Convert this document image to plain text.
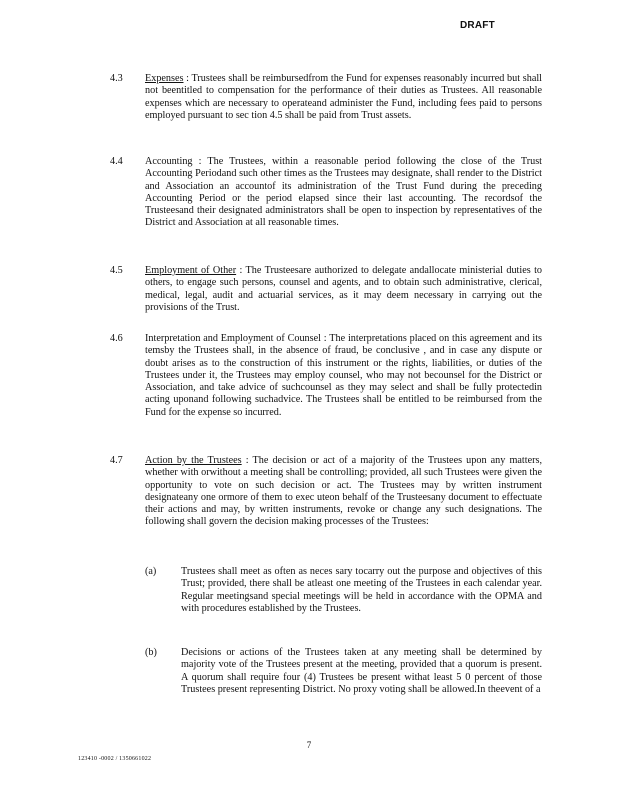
DRAFT
4.3	Expenses : Trustees shall be reimbursedfrom the Fund for expenses reasonably incurred but shall not beentitled to compensation for the performance of their duties as Trustees. All reasonable expenses which are necessary to operateand administer the Fund, including fees paid to persons employed pursuant to sec tion 4.5 shall be paid from Trust assets.
4.4	Accounting : The Trustees, within a reasonable period following the close of the Trust Accounting Periodand such other times as the Trustees may designate, shall render to the District and Association an accountof its administration of the Trust Fund during the preceding Accounting Period or the period elapsed since their last accounting. The recordsof the Trusteesand their designated administrators shall be open to inspection by representatives of the District and Association at all reasonable times.
4.5	Employment of Other : The Trusteesare authorized to delegate andallocate ministerial duties to others, to engage such persons, counsel and agents, and to obtain such administrative, clerical, medical, legal, audit and actuarial services, as it may deem necessary in carrying out the provisions of the Trust.
4.6	Interpretation and Employment of Counsel : The interpretations placed on this agreement and its temsby the Trustees shall, in the absence of fraud, be conclusive , and in case any dispute or doubt arises as to the construction of this instrument or the rights, liabilities, or duties of the Trustees under it, the Trustees may employ counsel, who may not becounsel for the District or Association, and take advice of suchcounsel as they may select and shall be fully protectedin acting uponand following suchadvice. The Trustees shall be entitled to be reimbursed from the Fund for the expense so incurred.
4.7	Action by the Trustees : The decision or act of a majority of the Trustees upon any matters, whether with orwithout a meeting shall be controlling; provided, all such Trustees were given the opportunity to vote on such decision or act. The Trustees may by written instrument designateany one ormore of them to exec uteon behalf of the Trusteesany document to effectuate their actions and may, by written instruments, revoke or change any such designations. The following shall govern the decision making processes of the Trustees:
(a)	Trustees shall meet as often as neces sary tocarry out the purpose and objectives of this Trust; provided, there shall be atleast one meeting of the Trustees in each calendar year. Regular meetingsand special meetings will be held in accordance with the OPMA and with procedures established by the Trustees.
(b)	Decisions or actions of the Trustees taken at any meeting shall be determined by majority vote of the Trustees present at the meeting, provided that a quorum is present. A quorum shall require four (4) Trustees be present withat least 5 0 percent of those Trustees present representing District. No proxy voting shall be allowed.In theevent of a
7
123410 -0002 / 1350661022
